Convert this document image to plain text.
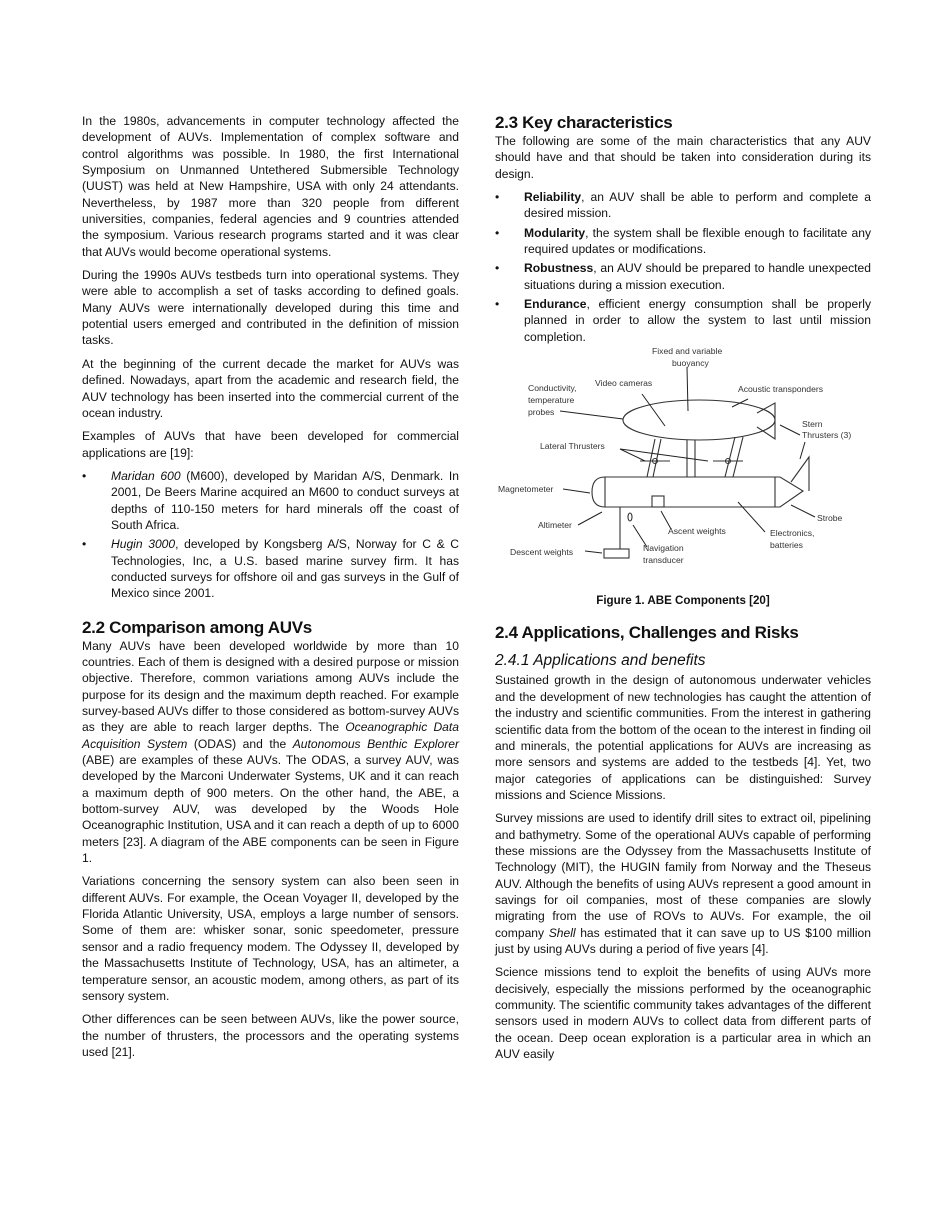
In the 1980s, advancements in computer technology affected the development of AUVs. Implementation of complex software and control algorithms was possible. In 1980, the first International Symposium on Unmanned Untethered Submersible Technology (UUST) was held at New Hampshire, USA with only 24 attendants. Nevertheless, by 1987 more than 320 people from different universities, companies, federal agencies and 9 countries attended the symposium. Various research programs started and it was clear that AUVs would become operational systems.

During the 1990s AUVs testbeds turn into operational systems. They were able to accomplish a set of tasks according to defined goals. Many AUVs were internationally developed during this time and potential users emerged and contributed in the definition of mission tasks.

At the beginning of the current decade the market for AUVs was defined. Nowadays, apart from the academic and research field, the AUV technology has been inserted into the commercial current of the ocean industry.

Examples of AUVs that have been developed for commercial applications are [19]:

• Maridan 600 (M600), developed by Maridan A/S, Denmark. In 2001, De Beers Marine acquired an M600 to conduct surveys at depths of 110-150 meters for hard minerals off the coast of South Africa.
• Hugin 3000, developed by Kongsberg A/S, Norway for C & C Technologies, Inc, a U.S. based marine survey firm. It has conducted surveys for offshore oil and gas surveys in the Gulf of Mexico since 2001.
2.2 Comparison among AUVs

Many AUVs have been developed worldwide by more than 10 countries. Each of them is designed with a desired purpose or mission objective. Therefore, common variations among AUVs include the purpose for its design and the maximum depth reached. For example survey-based AUVs differ to those considered as bottom-survey AUVs as they are able to reach larger depths. The Oceanographic Data Acquisition System (ODAS) and the Autonomous Benthic Explorer (ABE) are examples of these AUVs. The ODAS, a survey AUV, was developed by the Marconi Underwater Systems, UK and it can reach a maximum depth of 900 meters. On the other hand, the ABE, a bottom-survey AUV, was developed by the Woods Hole Oceanographic Institution, USA and it can reach a depth of up to 6000 meters [23]. A diagram of the ABE components can be seen in Figure 1.

Variations concerning the sensory system can also been seen in different AUVs. For example, the Ocean Voyager II, developed by the Florida Atlantic University, USA, employs a large number of sensors. Some of them are: whisker sonar, sonic speedometer, pressure sensor and a radio frequency modem. The Odyssey II, developed by the Massachusetts Institute of Technology, USA, has an altimeter, a temperature sensor, an acoustic modem, among others, as part of its sensory system.

Other differences can be seen between AUVs, like the power source, the number of thrusters, the processors and the operating systems used [21].

2.3 Key characteristics

The following are some of the main characteristics that any AUV should have and that should be taken into consideration during its design.

• Reliability, an AUV shall be able to perform and complete a desired mission.
• Modularity, the system shall be flexible enough to facilitate any required updates or modifications.
• Robustness, an AUV should be prepared to handle unexpected situations during a mission execution.
• Endurance, efficient energy consumption shall be properly planned in order to allow the system to last until mission completion.
Fixed and variable
buoyancy
Conductivity,
temperature
probes
Video cameras
Acoustic transponders
Stern
Thrusters (3)
Lateral Thrusters
Magnetometer
Strobe
Altimeter
Ascent weights	Electronics,
batteries
Descent weights	Navigation
transducer
Figure 1. ABE Components [20]
2.4 Applications, Challenges and Risks
2.4.1 Applications and benefits

Sustained growth in the design of autonomous underwater vehicles and the development of new technologies has caught the attention of the industry and scientific communities. From the interest in gathering scientific data from the bottom of the ocean to the interest in finding oil and minerals, the potential applications for AUVs are increasing as more sensors and systems are added to the testbeds [4]. Yet, two major categories of applications can be distinguished: Survey missions and Science Missions.

Survey missions are used to identify drill sites to extract oil, pipelining and bathymetry. Some of the operational AUVs capable of performing these missions are the Odyssey from the Massachusetts Institute of Technology (MIT), the HUGIN family from Norway and the Theseus AUV. Although the benefits of using AUVs represent a good amount in savings for oil companies, most of these companies are slowly migrating from the use of ROVs to AUVs. For example, the oil company Shell has estimated that it can save up to US $100 million just by using AUVs during a period of five years [4].

Science missions tend to exploit the benefits of using AUVs more decisively, especially the missions performed by the oceanographic community. The scientific community takes advantages of the different sensors used in modern AUVs to collect data from different parts of the ocean. Deep ocean exploration is a particular area in which an AUV easily
